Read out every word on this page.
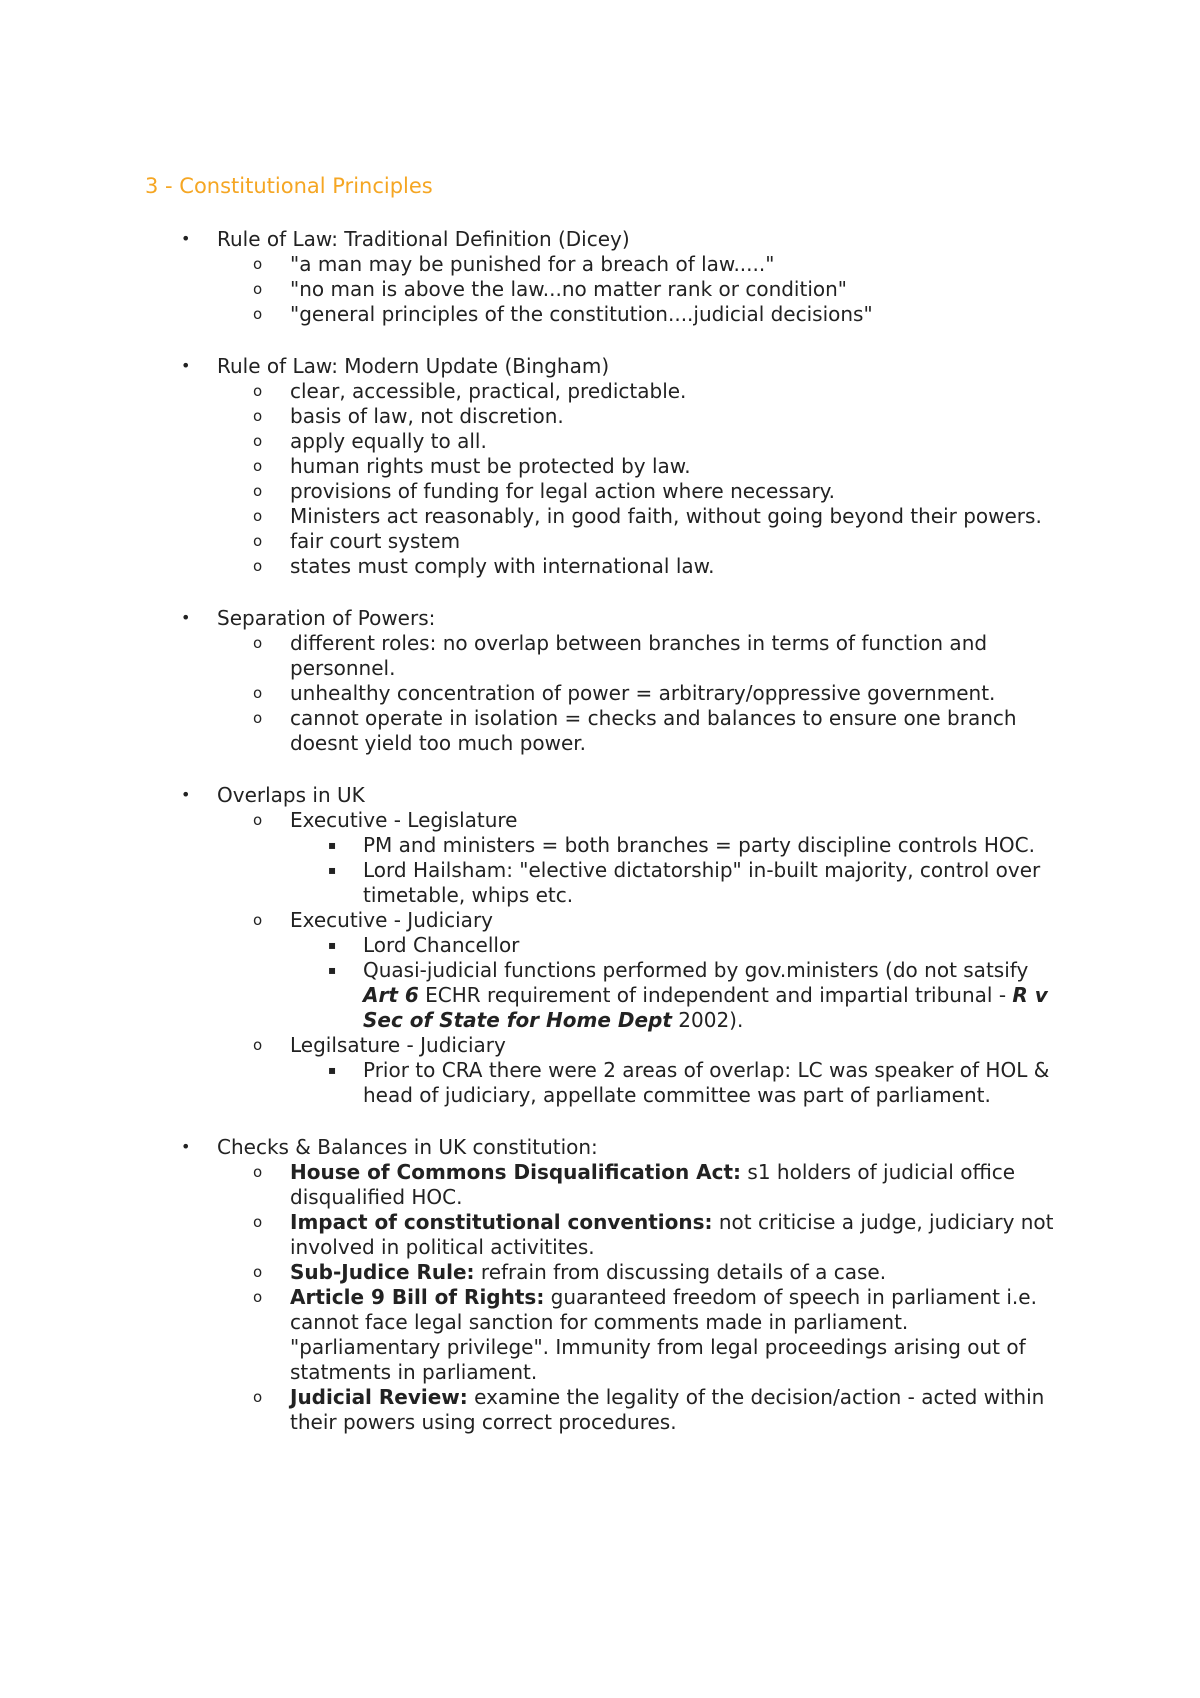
3 - Constitutional Principles
• Rule of Law: Traditional Definition (Dicey)
o "a man may be punished for a breach of law....."
o "no man is above the law...no matter rank or condition"
o "general principles of the constitution....judicial decisions"
• Rule of Law: Modern Update (Bingham)
o clear, accessible, practical, predictable.
o basis of law, not discretion.
o apply equally to all.
o human rights must be protected by law.
o provisions of funding for legal action where necessary.
o Ministers act reasonably, in good faith, without going beyond their powers.
o fair court system
o states must comply with international law.
• Separation of Powers:
o different roles: no overlap between branches in terms of function and personnel.
o unhealthy concentration of power = arbitrary/oppressive government.
o cannot operate in isolation = checks and balances to ensure one branch doesnt yield too much power.
• Overlaps in UK
o Executive - Legislature
▪ PM and ministers = both branches = party discipline controls HOC.
▪ Lord Hailsham: "elective dictatorship" in-built majority, control over timetable, whips etc.
o Executive - Judiciary
▪ Lord Chancellor
▪ Quasi-judicial functions performed by gov.ministers (do not satsify Art 6 ECHR requirement of independent and impartial tribunal - R v Sec of State for Home Dept 2002).
o Legilsature - Judiciary
▪ Prior to CRA there were 2 areas of overlap: LC was speaker of HOL & head of judiciary, appellate committee was part of parliament.
• Checks & Balances in UK constitution:
o House of Commons Disqualification Act: s1 holders of judicial office disqualified HOC.
o Impact of constitutional conventions: not criticise a judge, judiciary not involved in political activitites.
o Sub-Judice Rule: refrain from discussing details of a case.
o Article 9 Bill of Rights: guaranteed freedom of speech in parliament i.e. cannot face legal sanction for comments made in parliament. "parliamentary privilege". Immunity from legal proceedings arising out of statments in parliament.
o Judicial Review: examine the legality of the decision/action - acted within their powers using correct procedures.
